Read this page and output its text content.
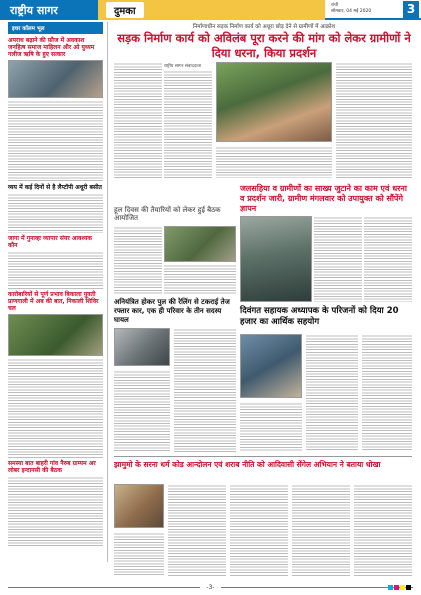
राष्ट्रीय सागर	दुमका
रांची
सोमवार, 04 मई 2020	3
इधर कॉलम भूल
अपराध बढ़ाने की फ़ौज में अवकाश जनहित्ष समाज माहिलन और ओ युध्यम गलीज ऋषि के हुए सत्कार
व्यय में कई दिनों से है लैप्टॉपी अधूरी बसीत
जागा में गुनाव्हः व्यापार संयर आवश्यक कौन
कारोबारियों से पूर्ण प्रभाव बिकाला युवती प्राणगाली में अब की बात, निकाली शिविर चल
समस्या बात बाहरी गांव नैरुब ग्राम्यम अर लोबर इन्दानसी की बैठक
निर्माणाधीन सड़क निर्माण कार्य को अधूरा छोड़ देने से ग्रामीणों में आक्रोश
सड़क निर्माण कार्य को अविलंब पूरा करने की मांग को लेकर ग्रामीणों ने दिया धरना, किया प्रदर्शन
राष्ट्रीय सागर संवाददाता
हूल दिवस की तैयारियों को लेकर हुई बैठक आयोजित
जलसहिया व ग्रामीणों का साख्य जुटाने का काम एवं धरना व प्रदर्शन जारी, ग्रामीण मंगलवार को उपायुक्त को सौंपेंगे ज्ञापन
अनियंत्रित होकर पुल की रेलिंग से टकराई तेज रफ्तार कार, एक ही परिवार के तीन सदस्य घायल
दिवंगत सहायक अध्यापक के परिजनों को दिया 20 हजार का आर्थिक सहयोग
झामुमो के सरना धर्म कोड आन्दोलन एवं शराब नीति को आदिवासी सेंगेल अभियान ने बताया धोखा
-3-
